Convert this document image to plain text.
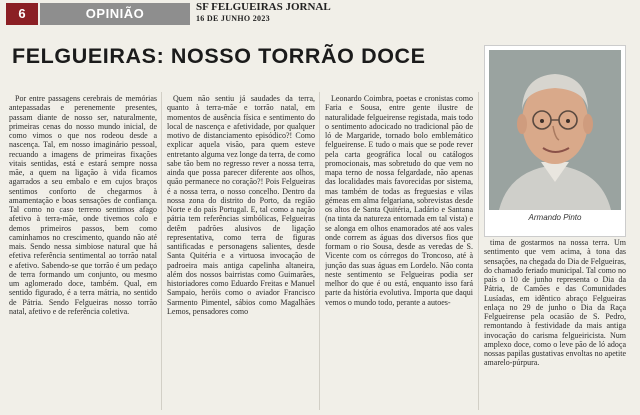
6	OPINIÃO	SF FELGUEIRAS JORNAL
16 DE JUNHO 2023
FELGUEIRAS: NOSSO TORRÃO DOCE
Armando Pinto

Por entre passagens cerebrais de memórias antepassadas e perenemente presentes, passam diante de nosso ser, naturalmente, primeiras cenas do nosso mundo inicial, de como vimos o que nos rodeou desde a nascença. Tal, em nosso imaginário pessoal, recuando a imagens de primeiras fixações vitais sentidas, está e estará sempre nossa mãe, a quem na ligação à vida ficamos agarrados a seu embalo e em cujos braços sentimos conforto de chegarmos à amamentação e boas sensações de confiança. Tal como no caso terreno sentimos afago afetivo à terra-mãe, onde tivemos colo e demos primeiros passos, bem como caminhamos no crescimento, quando não até mais. Sendo nessa simbiose natural que há efetiva referência sentimental ao torrão natal e afetivo. Sabendo-se que torrão é um pedaço de terra formando um conjunto, ou mesmo um aglomerado doce, também. Qual, em sentido figurado, é a terra mátria, no sentido de Pátria. Sendo Felgueiras nosso torrão natal, afetivo e de referência coletiva.

Quem não sentiu já saudades da terra, quanto à terra-mãe e torrão natal, em momentos de ausência física e sentimento do local de nascença e afetividade, por qualquer motivo de distanciamento episódico?! Como explicar aquela visão, para quem esteve entretanto alguma vez longe da terra, de como sabe tão bem no regresso rever a nossa terra, ainda que possa parecer diferente aos olhos, quão permanece no coração?! Pois Felgueiras é a nossa terra, o nosso concelho. Dentro da nossa zona do distrito do Porto, da região Norte e do país Portugal. E, tal como a nação pátria tem referências simbólicas, Felgueiras detêm padrões alusivos de ligação representativa, como terra de figuras santificadas e personagens salientes, desde Santa Quitéria e a virtuosa invocação de padroeira mais antiga capelinha altaneira, além dos nossos bairristas como Guimarães, historiadores como Eduardo Freitas e Manuel Sampaio, heróis como o aviador Francisco Sarmento Pimentel, sábios como Magalhães Lemos, pensadores como

Leonardo Coimbra, poetas e cronistas como Faria e Sousa, entre gente ilustre de naturalidade felgueirense registada, mais todo o sentimento adocicado no tradicional pão de ló de Margaride, tornado bolo emblemático felgueirense. E tudo o mais que se pode rever pela carta geográfica local ou catálogos promocionais, mas sobretudo do que vem no mapa terno de nossa felgardade, não apenas das localidades mais favorecidas por sistema, mas também de todas as freguesias e vilas gémeas em alma felgariana, sobrevistas desde os altos de Santa Quitéria, Ladário e Santana (na tinta da natureza entornada em tal vista) e se alonga em olhos enamorados até aos vales onde correm as águas dos diversos fios que formam o rio Sousa, desde as veredas de S. Vicente com os córregos do Troncoso, até à junção das suas águas em Lordelo. Não conta neste sentimento se Felgueiras podia ser melhor do que é ou está, enquanto isso fará parte da história evolutiva. Importa que daqui vemos o mundo todo, perante a autoes-

tima de gostarmos na nossa terra. Um sentimento que vem acima, à tona das sensações, na chegada do Dia de Felgueiras, do chamado feriado municipal. Tal como no país o 10 de junho representa o Dia da Pátria, de Camões e das Comunidades Lusíadas, em idêntico abraço Felgueiras enlaça no 29 de junho o Dia da Raça Felgueirense pela ocasião de S. Pedro, remontando à festividade da mais antiga invocação do carisma felgueiricista. Num amplexo doce, como o leve pão de ló adoça nossas papilas gustativas envoltas no apetite amarelo-púrpura.
